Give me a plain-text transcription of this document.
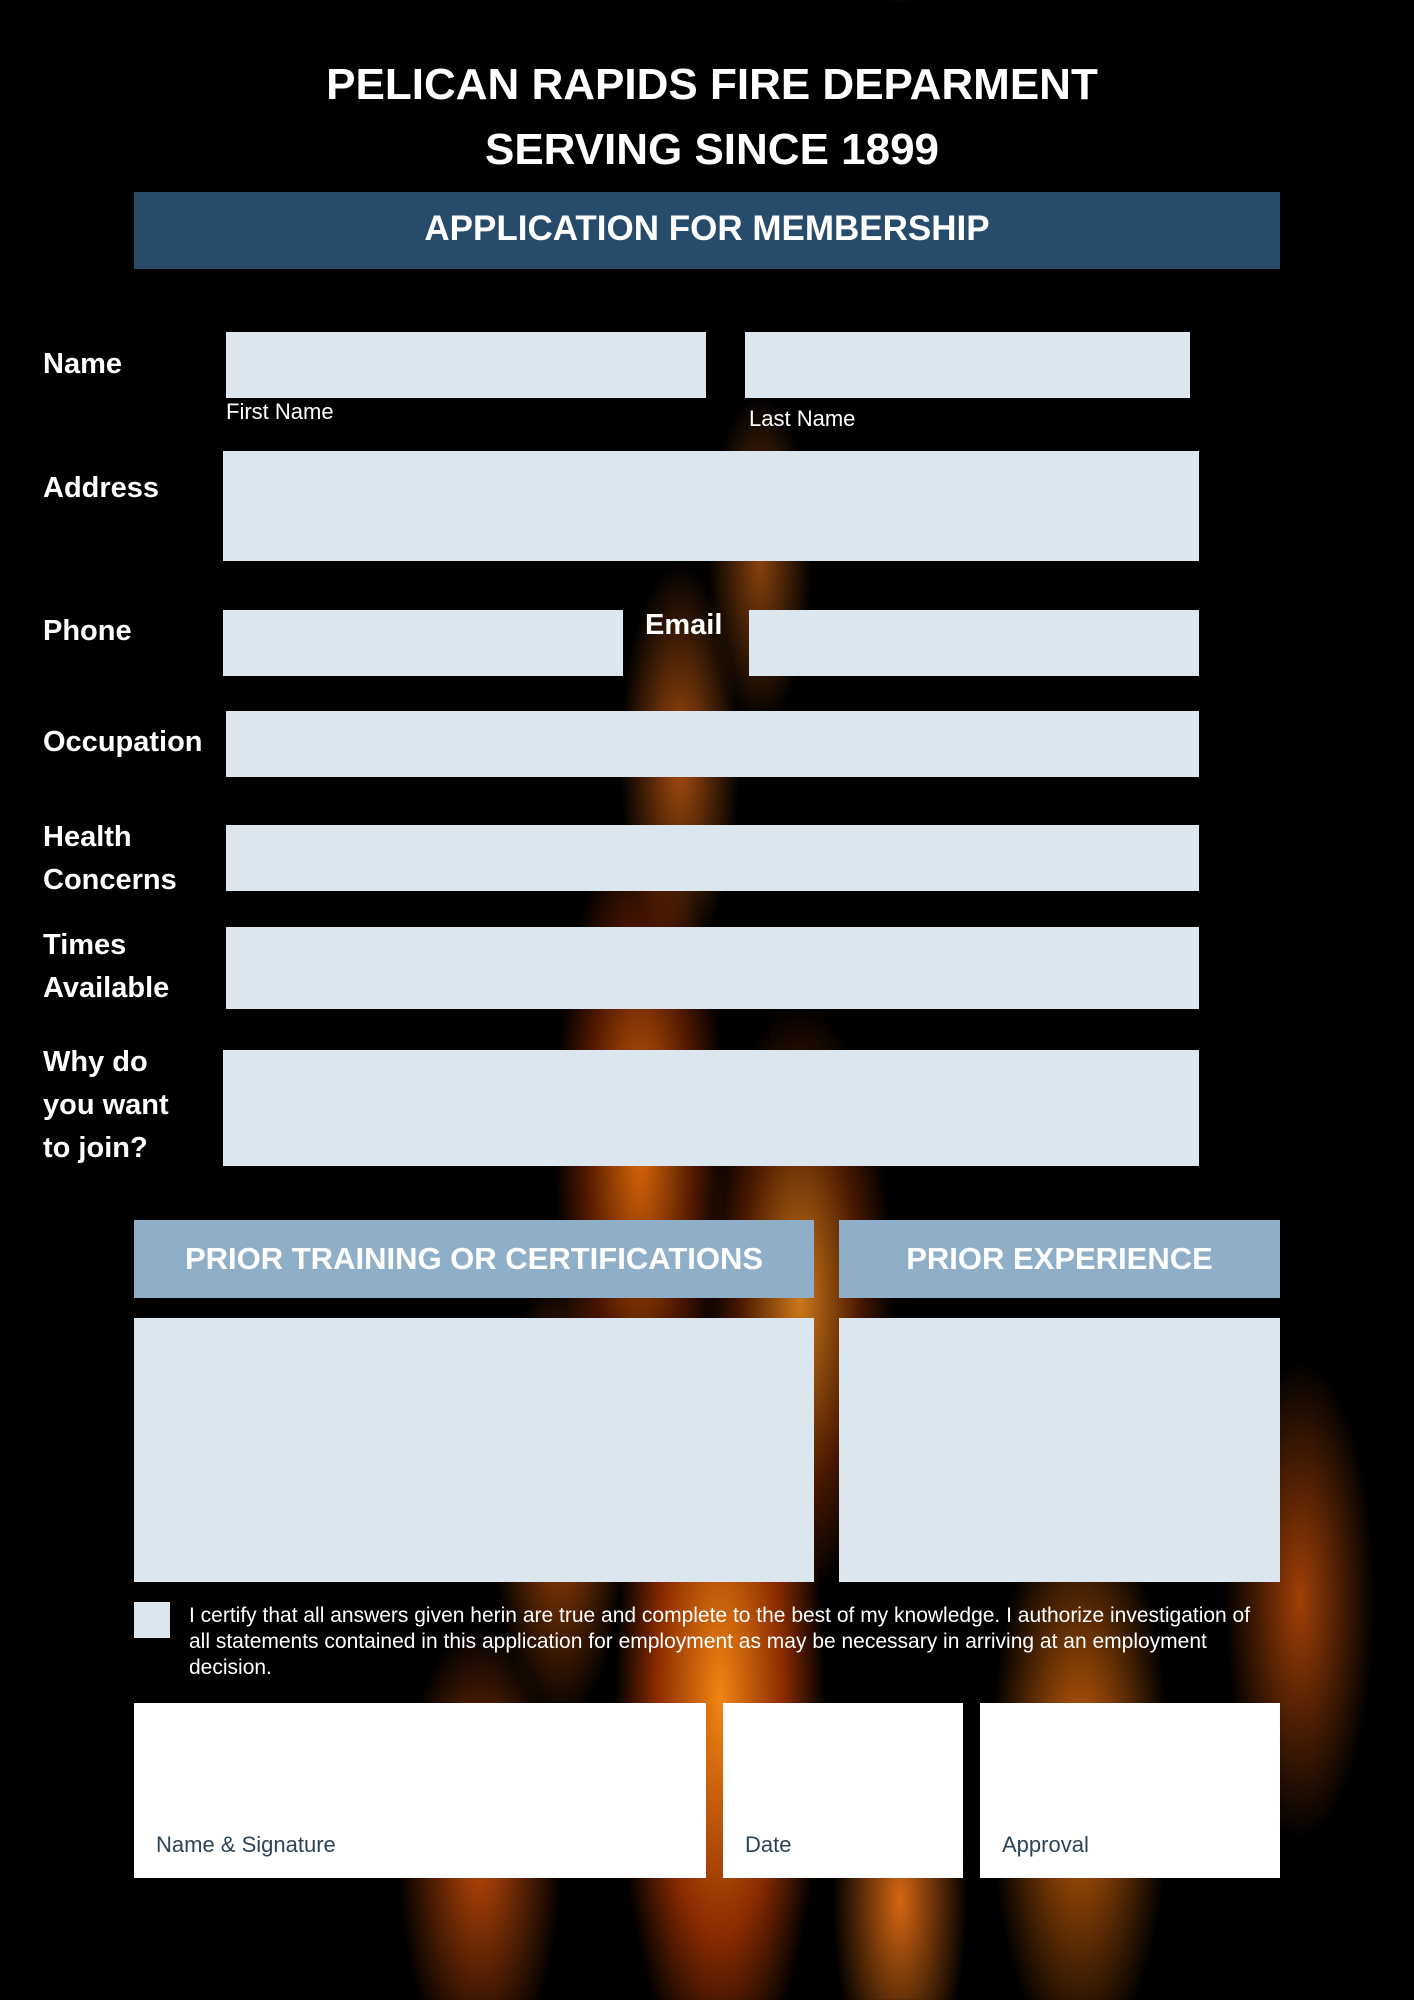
PELICAN RAPIDS FIRE DEPARMENT
SERVING SINCE 1899
APPLICATION FOR MEMBERSHIP
Name
First Name	Last Name
Address
Phone	Email
Occupation
Health Concerns
Times Available
Why do you want to join?
PRIOR TRAINING OR CERTIFICATIONS	PRIOR EXPERIENCE
I certify that all answers given herin are true and complete to the best of my knowledge. I authorize investigation of all statements contained in this application for employment as may be necessary in arriving at an employment decision.
Name & Signature	Date	Approval
